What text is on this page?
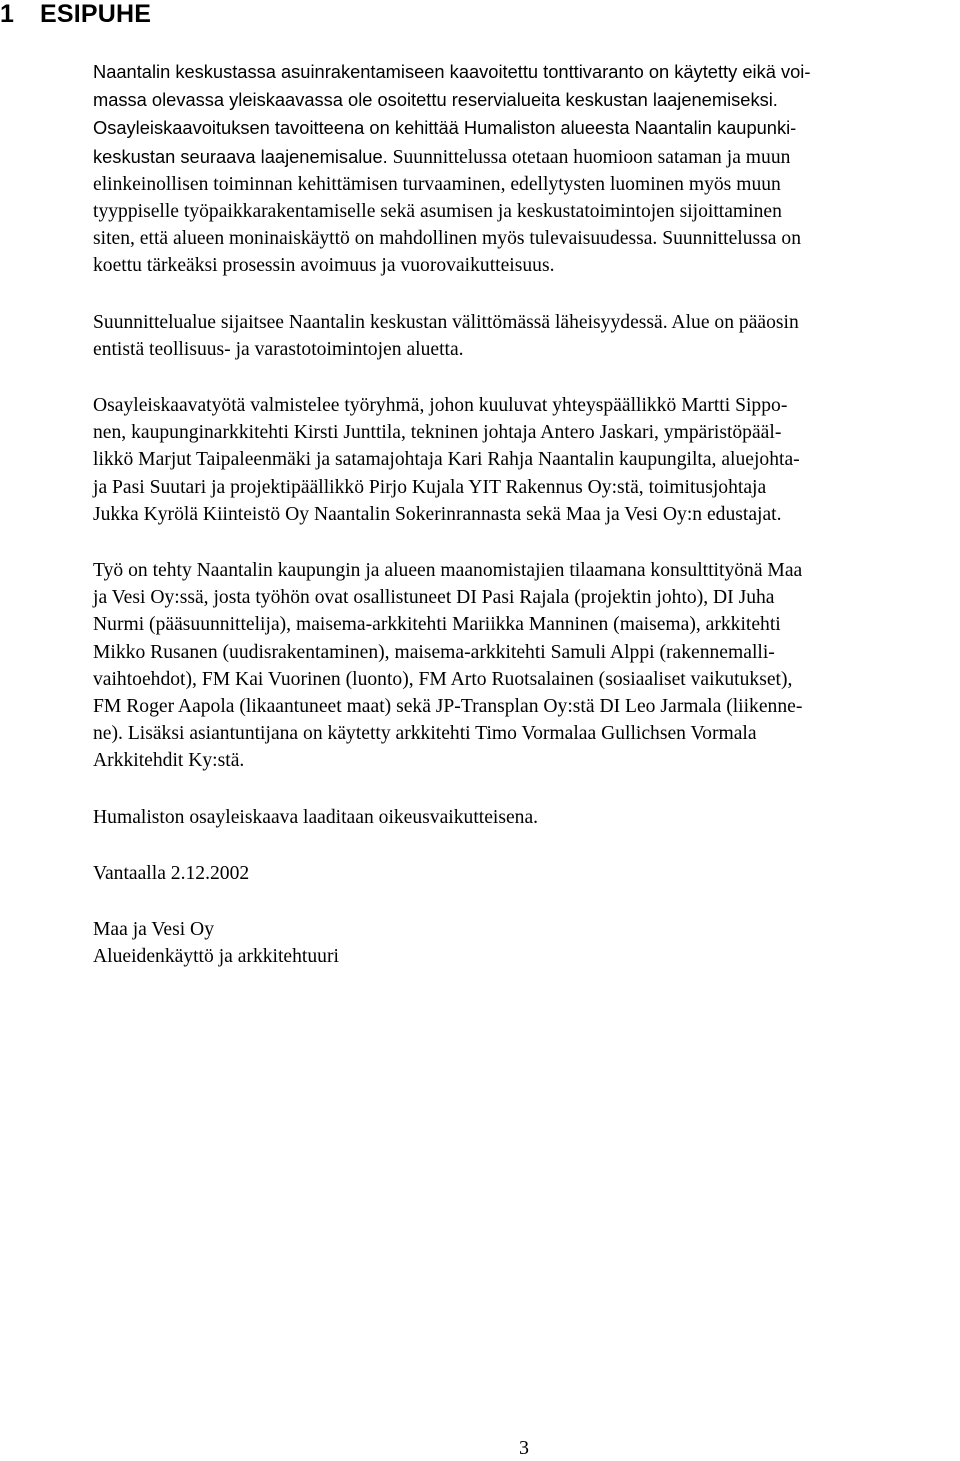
1 ESIPUHE

Naantalin keskustassa asuinrakentamiseen kaavoitettu tonttivaranto on käytetty eikä voi-
massa olevassa yleiskaavassa ole osoitettu reservialueita keskustan laajenemiseksi.
Osayleiskaavoituksen tavoitteena on kehittää Humaliston alueesta Naantalin kaupunki-
keskustan seuraava laajenemisalue. Suunnittelussa otetaan huomioon sataman ja muun
elinkeinollisen toiminnan kehittämisen turvaaminen, edellytysten luominen myös muun
tyyppiselle työpaikkarakentamiselle sekä asumisen ja keskustatoimintojen sijoittaminen
siten, että alueen moninaiskäyttö on mahdollinen myös tulevaisuudessa. Suunnittelussa on
koettu tärkeäksi prosessin avoimuus ja vuorovaikutteisuus.

Suunnittelualue sijaitsee Naantalin keskustan välittömässä läheisyydessä. Alue on pääosin
entistä teollisuus- ja varastotoimintojen aluetta.

Osayleiskaavatyötä valmistelee työryhmä, johon kuuluvat yhteyspäällikkö Martti Sippo-
nen, kaupunginarkkitehti Kirsti Junttila, tekninen johtaja Antero Jaskari, ympäristöpääl-
likkö Marjut Taipaleenmäki ja satamajohtaja Kari Rahja Naantalin kaupungilta, aluejohta-
ja Pasi Suutari ja projektipäällikkö Pirjo Kujala YIT Rakennus Oy:stä, toimitusjohtaja
Jukka Kyrölä Kiinteistö Oy Naantalin Sokerinrannasta sekä Maa ja Vesi Oy:n edustajat.

Työ on tehty Naantalin kaupungin ja alueen maanomistajien tilaamana konsulttityönä Maa
ja Vesi Oy:ssä, josta työhön ovat osallistuneet DI Pasi Rajala (projektin johto), DI Juha
Nurmi (pääsuunnittelija), maisema-arkkitehti Mariikka Manninen (maisema), arkkitehti
Mikko Rusanen (uudisrakentaminen), maisema-arkkitehti Samuli Alppi (rakennemalli-
vaihtoehdot), FM Kai Vuorinen (luonto), FM Arto Ruotsalainen (sosiaaliset vaikutukset),
FM Roger Aapola (likaantuneet maat) sekä JP-Transplan Oy:stä DI Leo Jarmala (liikenne-
ne). Lisäksi asiantuntijana on käytetty arkkitehti Timo Vormalaa Gullichsen Vormala
Arkkitehdit Ky:stä.

Humaliston osayleiskaava laaditaan oikeusvaikutteisena.

Vantaalla 2.12.2002

Maa ja Vesi Oy

Alueidenkäyttö ja arkkitehtuuri

3
